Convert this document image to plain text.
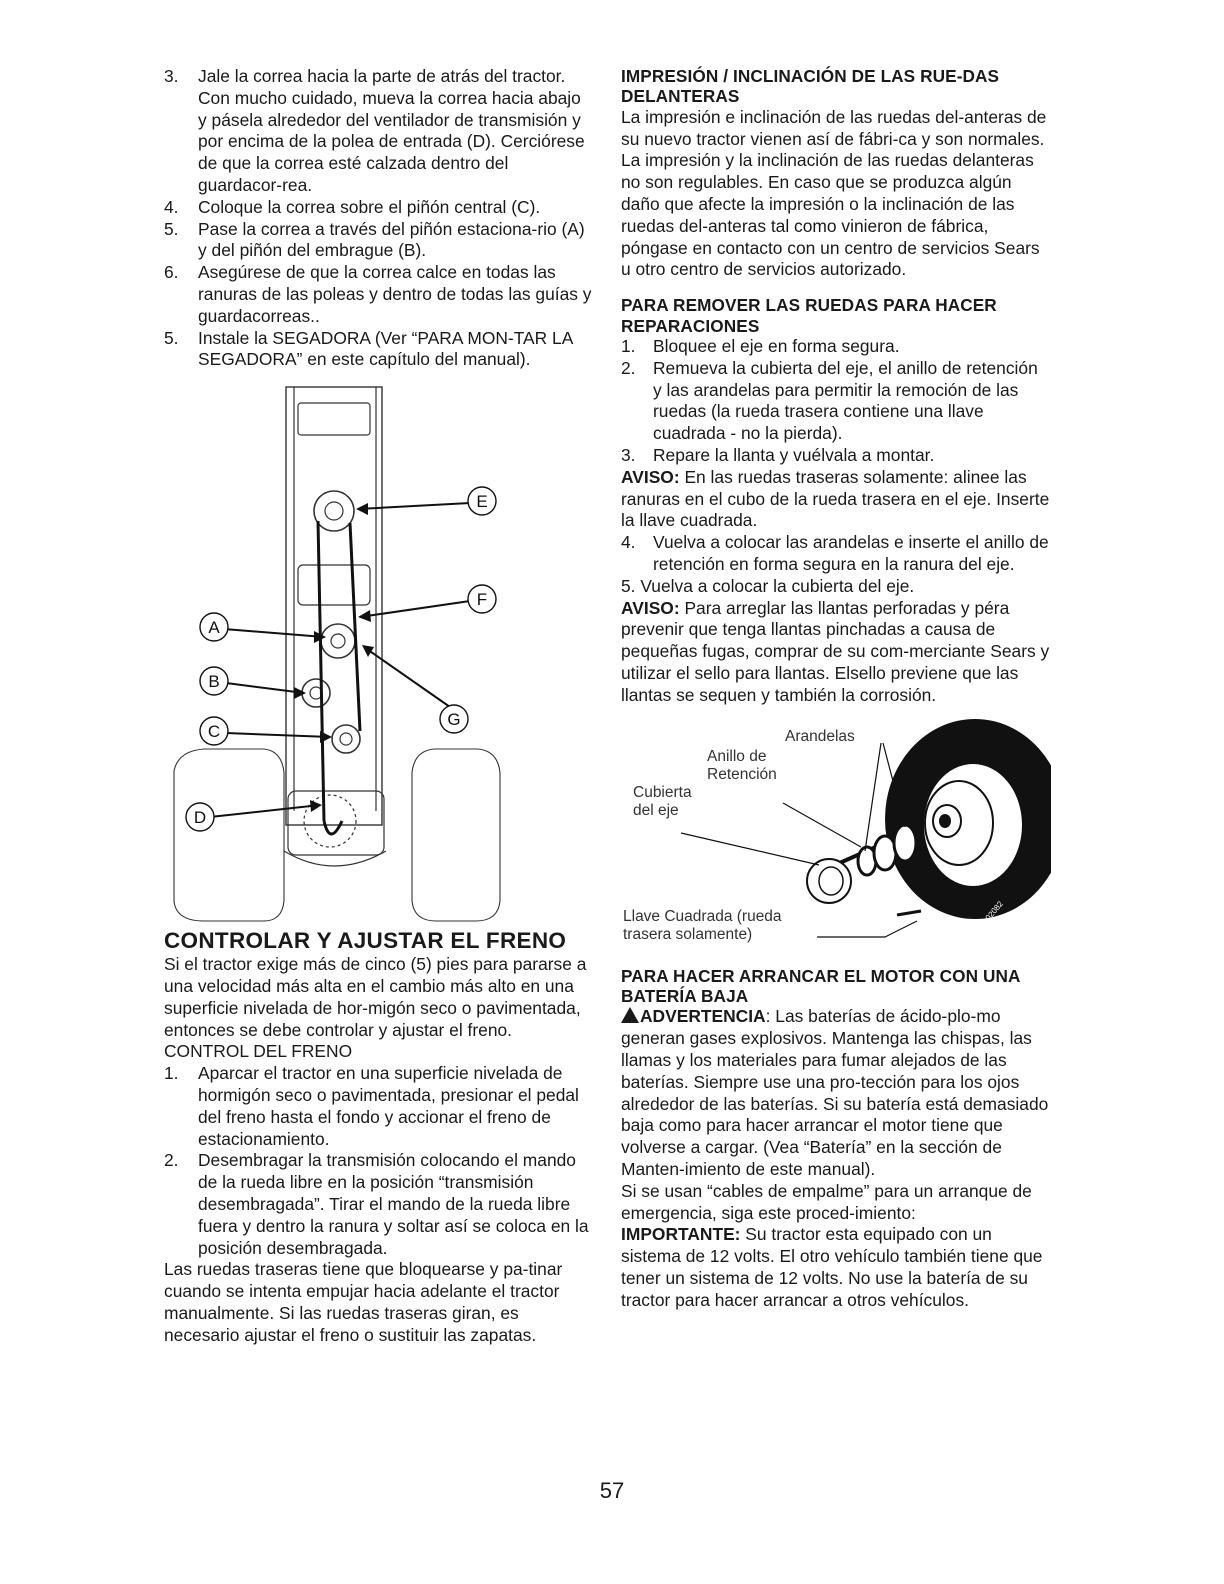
3. Jale la correa hacia la parte de atrás del tractor. Con mucho cuidado, mueva la correa hacia abajo y pásela alrededor del ventilador de transmisión y por encima de la polea de entrada (D). Cerciórese de que la correa esté calzada dentro del guardacor-rea.
4. Coloque la correa sobre el piñón central (C).
5. Pase la correa a través del piñón estaciona-rio (A) y del piñón del embrague (B).
6. Asegúrese de que la correa calce en todas las ranuras de las poleas y dentro de todas las guías y guardacorreas..
5. Instale la SEGADORA (Ver “PARA MON-TAR LA SEGADORA” en este capítulo del manual).
E
F
A
B
C
G
D
CONTROLAR Y AJUSTAR EL FRENO

Si el tractor exige más de cinco (5) pies para pararse a una velocidad más alta en el cambio más alto en una superficie nivelada de hor-migón seco o pavimentada, entonces se debe controlar y ajustar el freno.

CONTROL DEL FRENO

1. Aparcar el tractor en una superficie nivelada de hormigón seco o pavimentada, presionar el pedal del freno hasta el fondo y accionar el freno de estacionamiento.
2. Desembragar la transmisión colocando el mando de la rueda libre en la posición “transmisión desembragada”. Tirar el mando de la rueda libre fuera y dentro la ranura y soltar así se coloca en la posición desembragada.

Las ruedas traseras tiene que bloquearse y pa-tinar cuando se intenta empujar hacia adelante el tractor manualmente. Si las ruedas traseras giran, es necesario ajustar el freno o sustituir las zapatas.

IMPRESIÓN / INCLINACIÓN DE LAS RUE-DAS DELANTERAS

La impresión e inclinación de las ruedas del-anteras de su nuevo tractor vienen así de fábri-ca y son normales. La impresión y la inclinación de las ruedas delanteras no son regulables. En caso que se produzca algún daño que afecte la impresión o la inclinación de las ruedas del-anteras tal como vinieron de fábrica, póngase en contacto con un centro de servicios Sears u otro centro de servicios autorizado.

PARA REMOVER LAS RUEDAS PARA HACER REPARACIONES
1. Bloquee el eje en forma segura.
2. Remueva la cubierta del eje, el anillo de retención y las arandelas para permitir la remoción de las ruedas (la rueda trasera contiene una llave cuadrada - no la pierda).
3. Repare la llanta y vuélvala a montar.

AVISO: En las ruedas traseras solamente: alinee las ranuras en el cubo de la rueda trasera en el eje. Inserte la llave cuadrada.

4. Vuelva a colocar las arandelas e inserte el anillo de retención en forma segura en la ranura del eje.

5. Vuelva a colocar la cubierta del eje.

AVISO: Para arreglar las llantas perforadas y péra prevenir que tenga llantas pinchadas a causa de pequeñas fugas, comprar de su com-merciante Sears y utilizar el sello para llantas. Elsello previene que las llantas se sequen y también la corrosión.

Arandelas
Anillo de
Retención
Cubierta
del eje
Llave Cuadrada (rueda
trasera solamente)
02082
PARA HACER ARRANCAR EL MOTOR CON UNA BATERÍA BAJA

ADVERTENCIA: Las baterías de ácido-plo-mo generan gases explosivos. Mantenga las chispas, las llamas y los materiales para fumar alejados de las baterías. Siempre use una pro-tección para los ojos alrededor de las baterías. Si su batería está demasiado baja como para hacer arrancar el motor tiene que volverse a cargar. (Vea “Batería” en la sección de Manten-imiento de este manual).

Si se usan “cables de empalme” para un arranque de emergencia, siga este proced-imiento:

IMPORTANTE: Su tractor esta equipado con un sistema de 12 volts. El otro vehículo también tiene que tener un sistema de 12 volts. No use la batería de su tractor para hacer arrancar a otros vehículos.

57
